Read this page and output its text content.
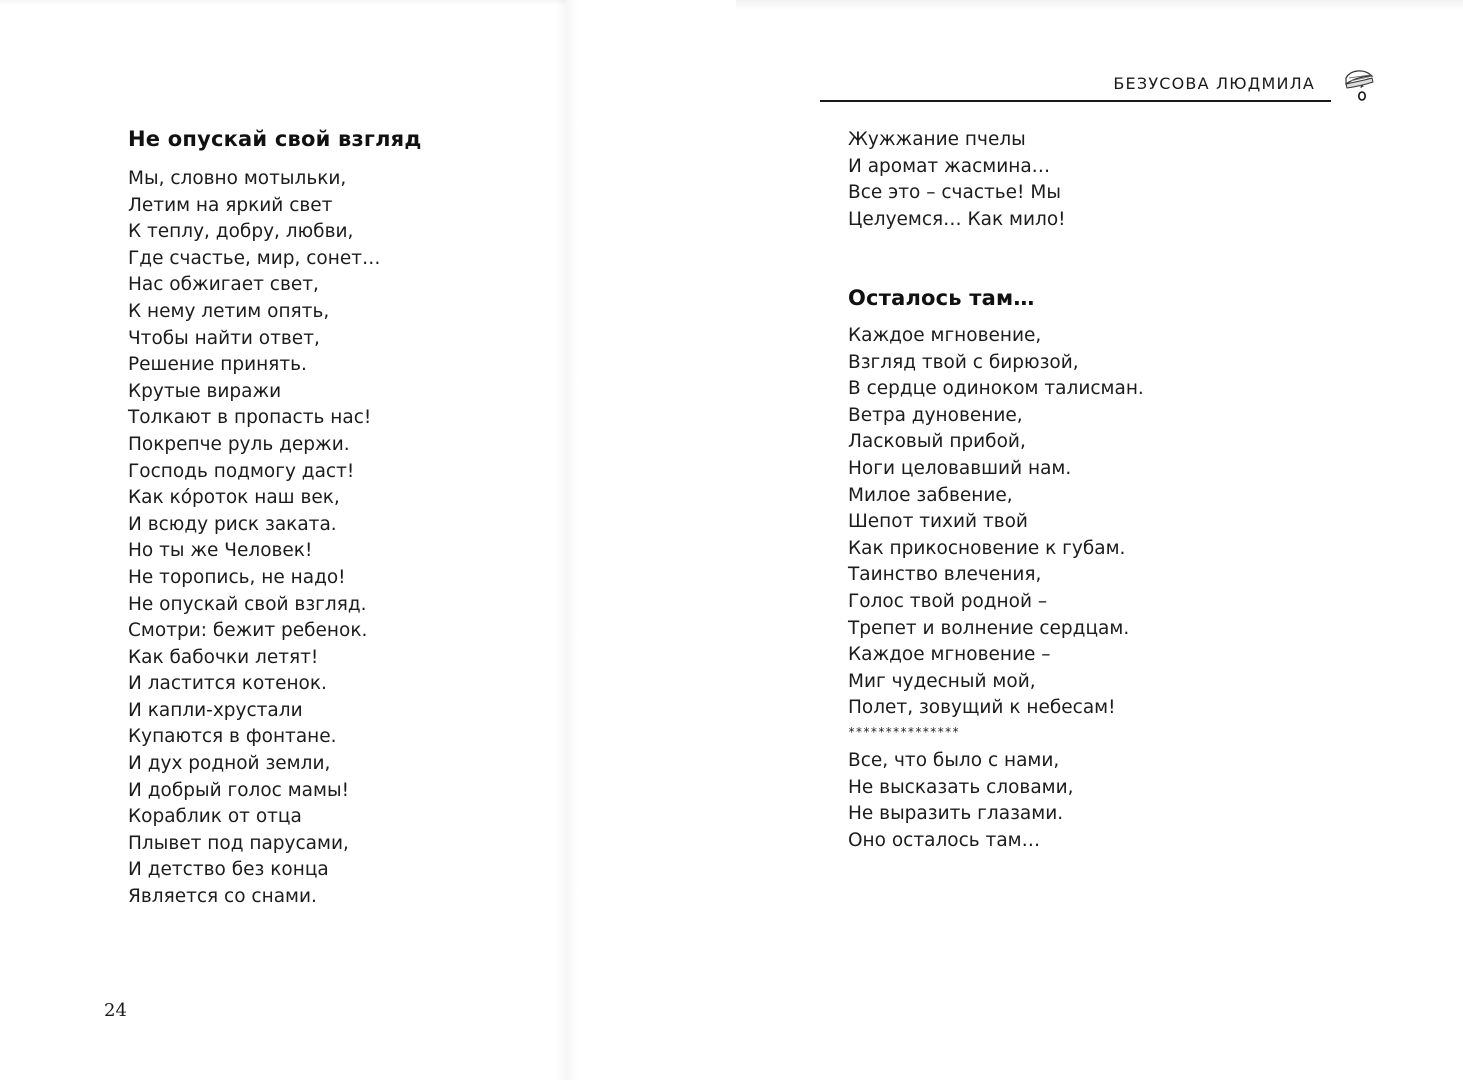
Не опускай свой взгляд
Мы, словно мотыльки,
Летим на яркий свет
К теплу, добру, любви,
Где счастье, мир, сонет…
Нас обжигает свет,
К нему летим опять,
Чтобы найти ответ,
Решение принять.
Крутые виражи
Толкают в пропасть нас!
Покрепче руль держи.
Господь подмогу даст!
Как кóроток наш век,
И всюду риск заката.
Но ты же Человек!
Не торопись, не надо!
Не опускай свой взгляд.
Смотри: бежит ребенок.
Как бабочки летят!
И ластится котенок.
И капли-хрустали
Купаются в фонтане.
И дух родной земли,
И добрый голос мамы!
Кораблик от отца
Плывет под парусами,
И детство без конца
Является со снами.
24
БЕЗУСОВА ЛЮДМИЛА
Жужжание пчелы
И аромат жасмина…
Все это – счастье! Мы
Целуемся… Как мило!
Осталось там…
Каждое мгновение,
Взгляд твой с бирюзой,
В сердце одиноком талисман.
Ветра дуновение,
Ласковый прибой,
Ноги целовавший нам.
Милое забвение,
Шепот тихий твой
Как прикосновение к губам.
Таинство влечения,
Голос твой родной –
Трепет и волнение сердцам.
Каждое мгновение –
Миг чудесный мой,
Полет, зовущий к небесам!
***************
Все, что было с нами,
Не высказать словами,
Не выразить глазами.
Оно осталось там…
